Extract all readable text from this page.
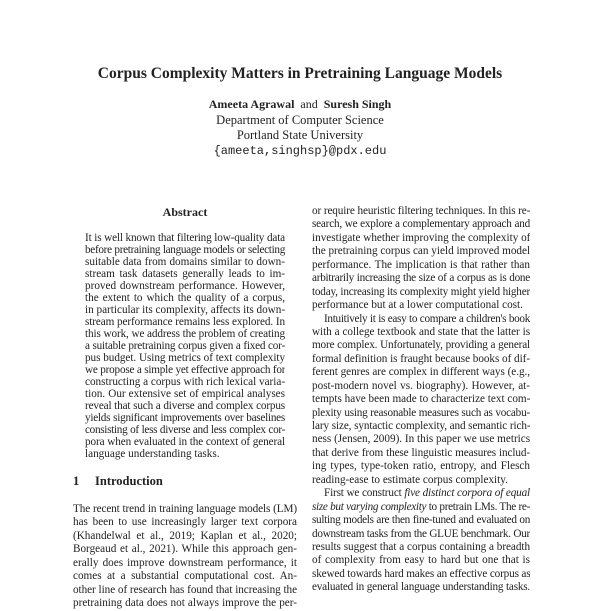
Corpus Complexity Matters in Pretraining Language Models
Ameeta Agrawal and Suresh Singh
Department of Computer Science
Portland State University
{ameeta,singhsp}@pdx.edu
Abstract
It is well known that filtering low-quality data
before pretraining language models or selecting
suitable data from domains similar to down-
stream task datasets generally leads to im-
proved downstream performance. However,
the extent to which the quality of a corpus,
in particular its complexity, affects its down-
stream performance remains less explored. In
this work, we address the problem of creating
a suitable pretraining corpus given a fixed cor-
pus budget. Using metrics of text complexity
we propose a simple yet effective approach for
constructing a corpus with rich lexical varia-
tion. Our extensive set of empirical analyses
reveal that such a diverse and complex corpus
yields significant improvements over baselines
consisting of less diverse and less complex cor-
pora when evaluated in the context of general
language understanding tasks.
1 Introduction
The recent trend in training language models (LM)
has been to use increasingly larger text corpora
(Khandelwal et al., 2019; Kaplan et al., 2020;
Borgeaud et al., 2021). While this approach gen-
erally does improve downstream performance, it
comes at a substantial computational cost. An-
other line of research has found that increasing the
pretraining data does not always improve the per-
or require heuristic filtering techniques. In this re-
search, we explore a complementary approach and
investigate whether improving the complexity of
the pretraining corpus can yield improved model
performance. The implication is that rather than
arbitrarily increasing the size of a corpus as is done
today, increasing its complexity might yield higher
performance but at a lower computational cost.
Intuitively it is easy to compare a children's book
with a college textbook and state that the latter is
more complex. Unfortunately, providing a general
formal definition is fraught because books of dif-
ferent genres are complex in different ways (e.g.,
post-modern novel vs. biography). However, at-
tempts have been made to characterize text com-
plexity using reasonable measures such as vocabu-
lary size, syntactic complexity, and semantic rich-
ness (Jensen, 2009). In this paper we use metrics
that derive from these linguistic measures includ-
ing types, type-token ratio, entropy, and Flesch
reading-ease to estimate corpus complexity.
First we construct five distinct corpora of equal
size but varying complexity to pretrain LMs. The re-
sulting models are then fine-tuned and evaluated on
downstream tasks from the GLUE benchmark. Our
results suggest that a corpus containing a breadth
of complexity from easy to hard but one that is
skewed towards hard makes an effective corpus as
evaluated in general language understanding tasks.
